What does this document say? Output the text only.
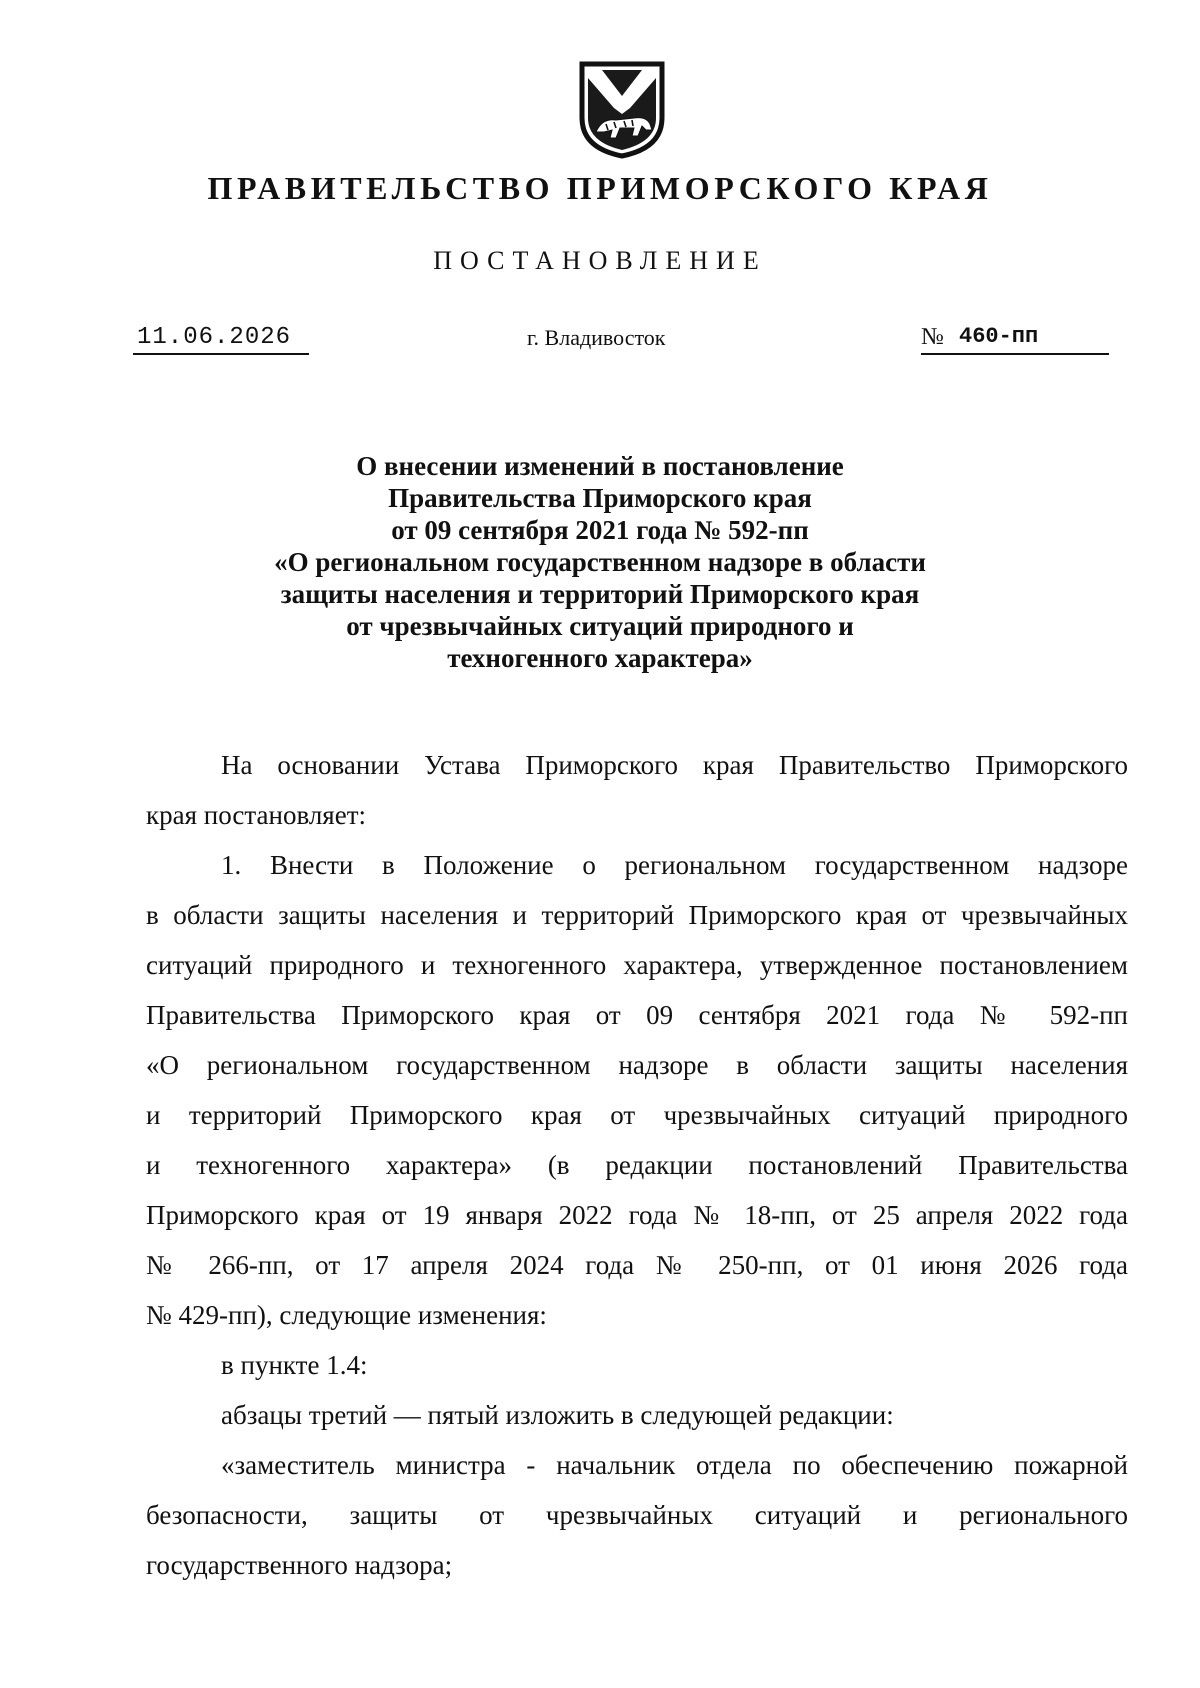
ПРАВИТЕЛЬСТВО ПРИМОРСКОГО КРАЯ
ПОСТАНОВЛЕНИЕ
11.06.2026	г. Владивосток	№ 460-пп
О внесении изменений в постановление
Правительства Приморского края
от 09 сентября 2021 года № 592-пп
«О региональном государственном надзоре в области
защиты населения и территорий Приморского края
от чрезвычайных ситуаций природного и
техногенного характера»
На основании Устава Приморского края Правительство Приморского
края постановляет:
1. Внести в Положение о региональном государственном надзоре
в области защиты населения и территорий Приморского края от чрезвычайных
ситуаций природного и техногенного характера, утвержденное постановлением
Правительства Приморского края от 09 сентября 2021 года № 592-пп
«О региональном государственном надзоре в области защиты населения
и территорий Приморского края от чрезвычайных ситуаций природного
и техногенного характера» (в редакции постановлений Правительства
Приморского края от 19 января 2022 года № 18-пп, от 25 апреля 2022 года
№ 266-пп, от 17 апреля 2024 года № 250-пп, от 01 июня 2026 года
№ 429-пп), следующие изменения:
в пункте 1.4:
абзацы третий — пятый изложить в следующей редакции:
«заместитель министра - начальник отдела по обеспечению пожарной
безопасности, защиты от чрезвычайных ситуаций и регионального
государственного надзора;
